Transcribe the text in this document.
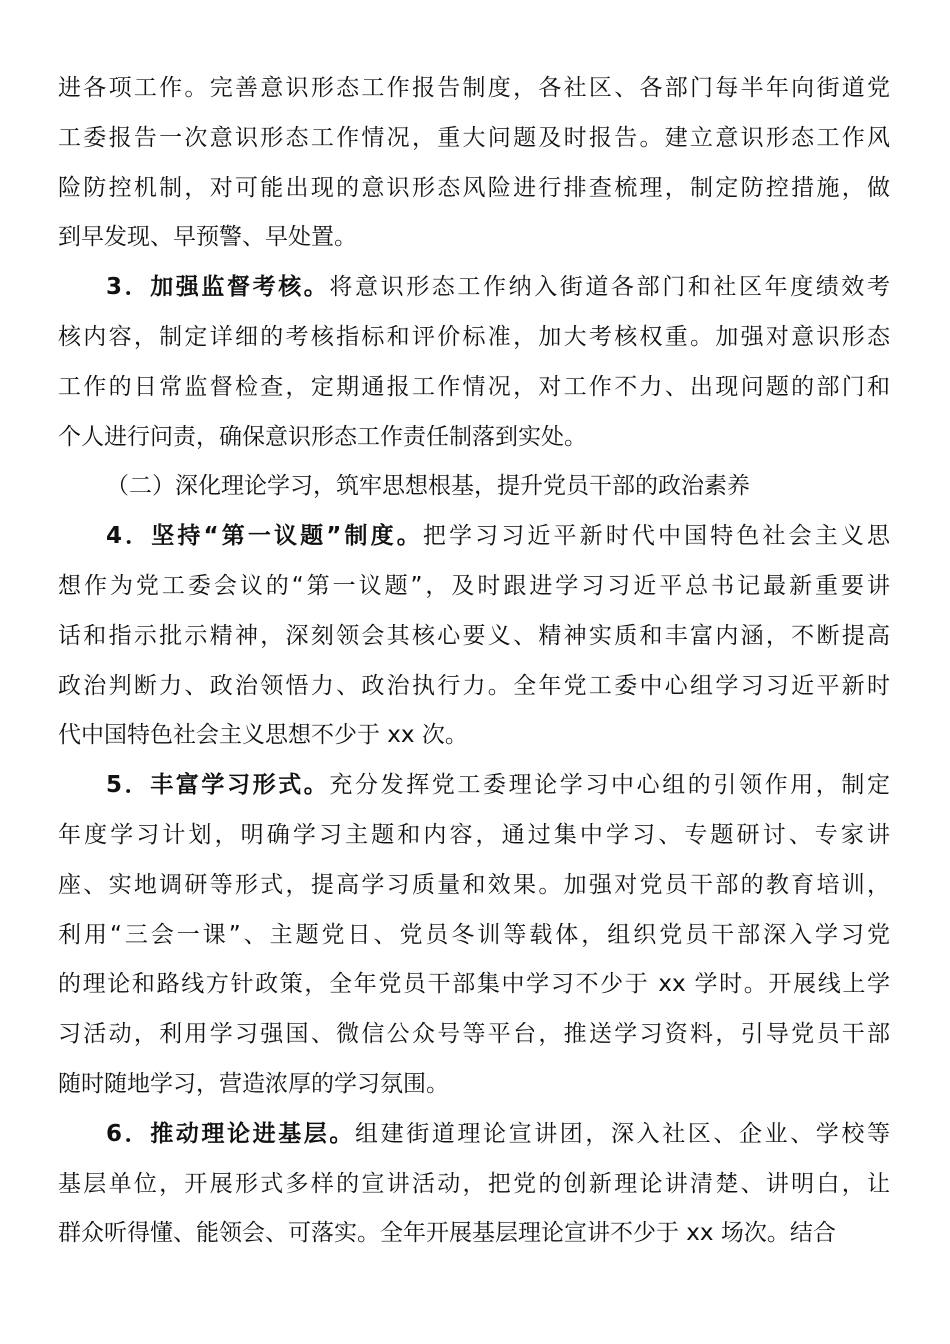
进各项工作。完善意识形态工作报告制度，各社区、各部门每半年向街道党
工委报告一次意识形态工作情况，重大问题及时报告。建立意识形态工作风
险防控机制，对可能出现的意识形态风险进行排查梳理，制定防控措施，做
到早发现、早预警、早处置。
3．加强监督考核。将意识形态工作纳入街道各部门和社区年度绩效考
核内容，制定详细的考核指标和评价标准，加大考核权重。加强对意识形态
工作的日常监督检查，定期通报工作情况，对工作不力、出现问题的部门和
个人进行问责，确保意识形态工作责任制落到实处。
（二）深化理论学习，筑牢思想根基，提升党员干部的政治素养
4．坚持“第一议题”制度。把学习习近平新时代中国特色社会主义思
想作为党工委会议的“第一议题”，及时跟进学习习近平总书记最新重要讲
话和指示批示精神，深刻领会其核心要义、精神实质和丰富内涵，不断提高
政治判断力、政治领悟力、政治执行力。全年党工委中心组学习习近平新时
代中国特色社会主义思想不少于 xx 次。
5．丰富学习形式。充分发挥党工委理论学习中心组的引领作用，制定
年度学习计划，明确学习主题和内容，通过集中学习、专题研讨、专家讲
座、实地调研等形式，提高学习质量和效果。加强对党员干部的教育培训，
利用“三会一课”、主题党日、党员冬训等载体，组织党员干部深入学习党
的理论和路线方针政策，全年党员干部集中学习不少于 xx 学时。开展线上学
习活动，利用学习强国、微信公众号等平台，推送学习资料，引导党员干部
随时随地学习，营造浓厚的学习氛围。
6．推动理论进基层。组建街道理论宣讲团，深入社区、企业、学校等
基层单位，开展形式多样的宣讲活动，把党的创新理论讲清楚、讲明白，让
群众听得懂、能领会、可落实。全年开展基层理论宣讲不少于 xx 场次。结合
